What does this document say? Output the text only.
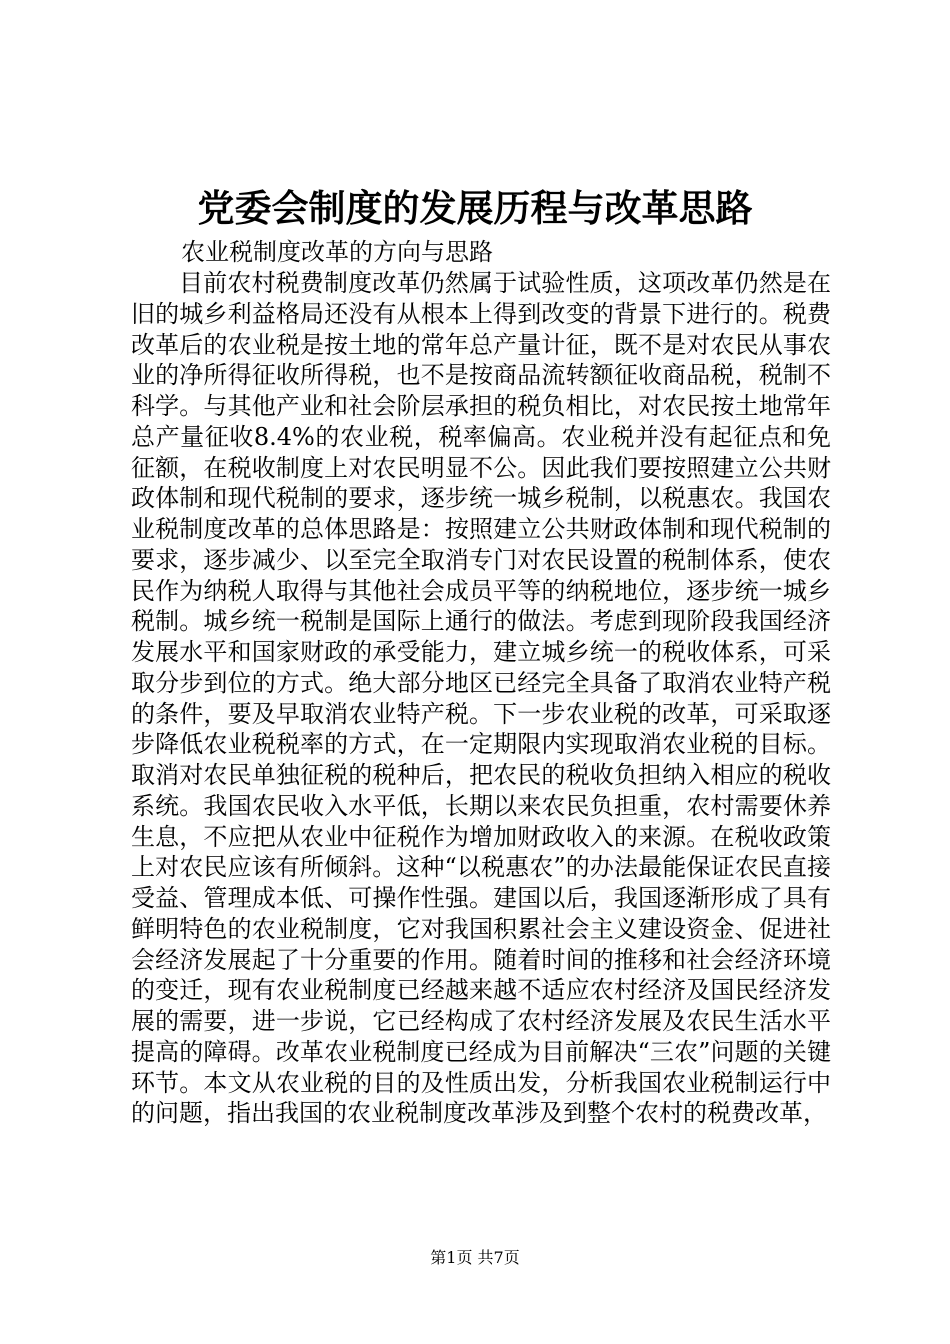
党委会制度的发展历程与改革思路
农业税制度改革的方向与思路

目前农村税费制度改革仍然属于试验性质，这项改革仍然是在旧的城乡利益格局还没有从根本上得到改变的背景下进行的。税费改革后的农业税是按土地的常年总产量计征，既不是对农民从事农业的净所得征收所得税，也不是按商品流转额征收商品税，税制不科学。与其他产业和社会阶层承担的税负相比，对农民按土地常年总产量征收8.4%的农业税，税率偏高。农业税并没有起征点和免征额，在税收制度上对农民明显不公。因此我们要按照建立公共财政体制和现代税制的要求，逐步统一城乡税制，以税惠农。我国农业税制度改革的总体思路是：按照建立公共财政体制和现代税制的要求，逐步减少、以至完全取消专门对农民设置的税制体系，使农民作为纳税人取得与其他社会成员平等的纳税地位，逐步统一城乡税制。城乡统一税制是国际上通行的做法。考虑到现阶段我国经济发展水平和国家财政的承受能力，建立城乡统一的税收体系，可采取分步到位的方式。绝大部分地区已经完全具备了取消农业特产税的条件，要及早取消农业特产税。下一步农业税的改革，可采取逐步降低农业税税率的方式，在一定期限内实现取消农业税的目标。取消对农民单独征税的税种后，把农民的税收负担纳入相应的税收系统。我国农民收入水平低，长期以来农民负担重，农村需要休养生息，不应把从农业中征税作为增加财政收入的来源。在税收政策上对农民应该有所倾斜。这种“以税惠农”的办法最能保证农民直接受益、管理成本低、可操作性强。建国以后，我国逐渐形成了具有鲜明特色的农业税制度，它对我国积累社会主义建设资金、促进社会经济发展起了十分重要的作用。随着时间的推移和社会经济环境的变迁，现有农业税制度已经越来越不适应农村经济及国民经济发展的需要，进一步说，它已经构成了农村经济发展及农民生活水平提高的障碍。改革农业税制度已经成为目前解决“三农”问题的关键环节。本文从农业税的目的及性质出发，分析我国农业税制运行中的问题，指出我国的农业税制度改革涉及到整个农村的税费改革，

第1页 共7页
